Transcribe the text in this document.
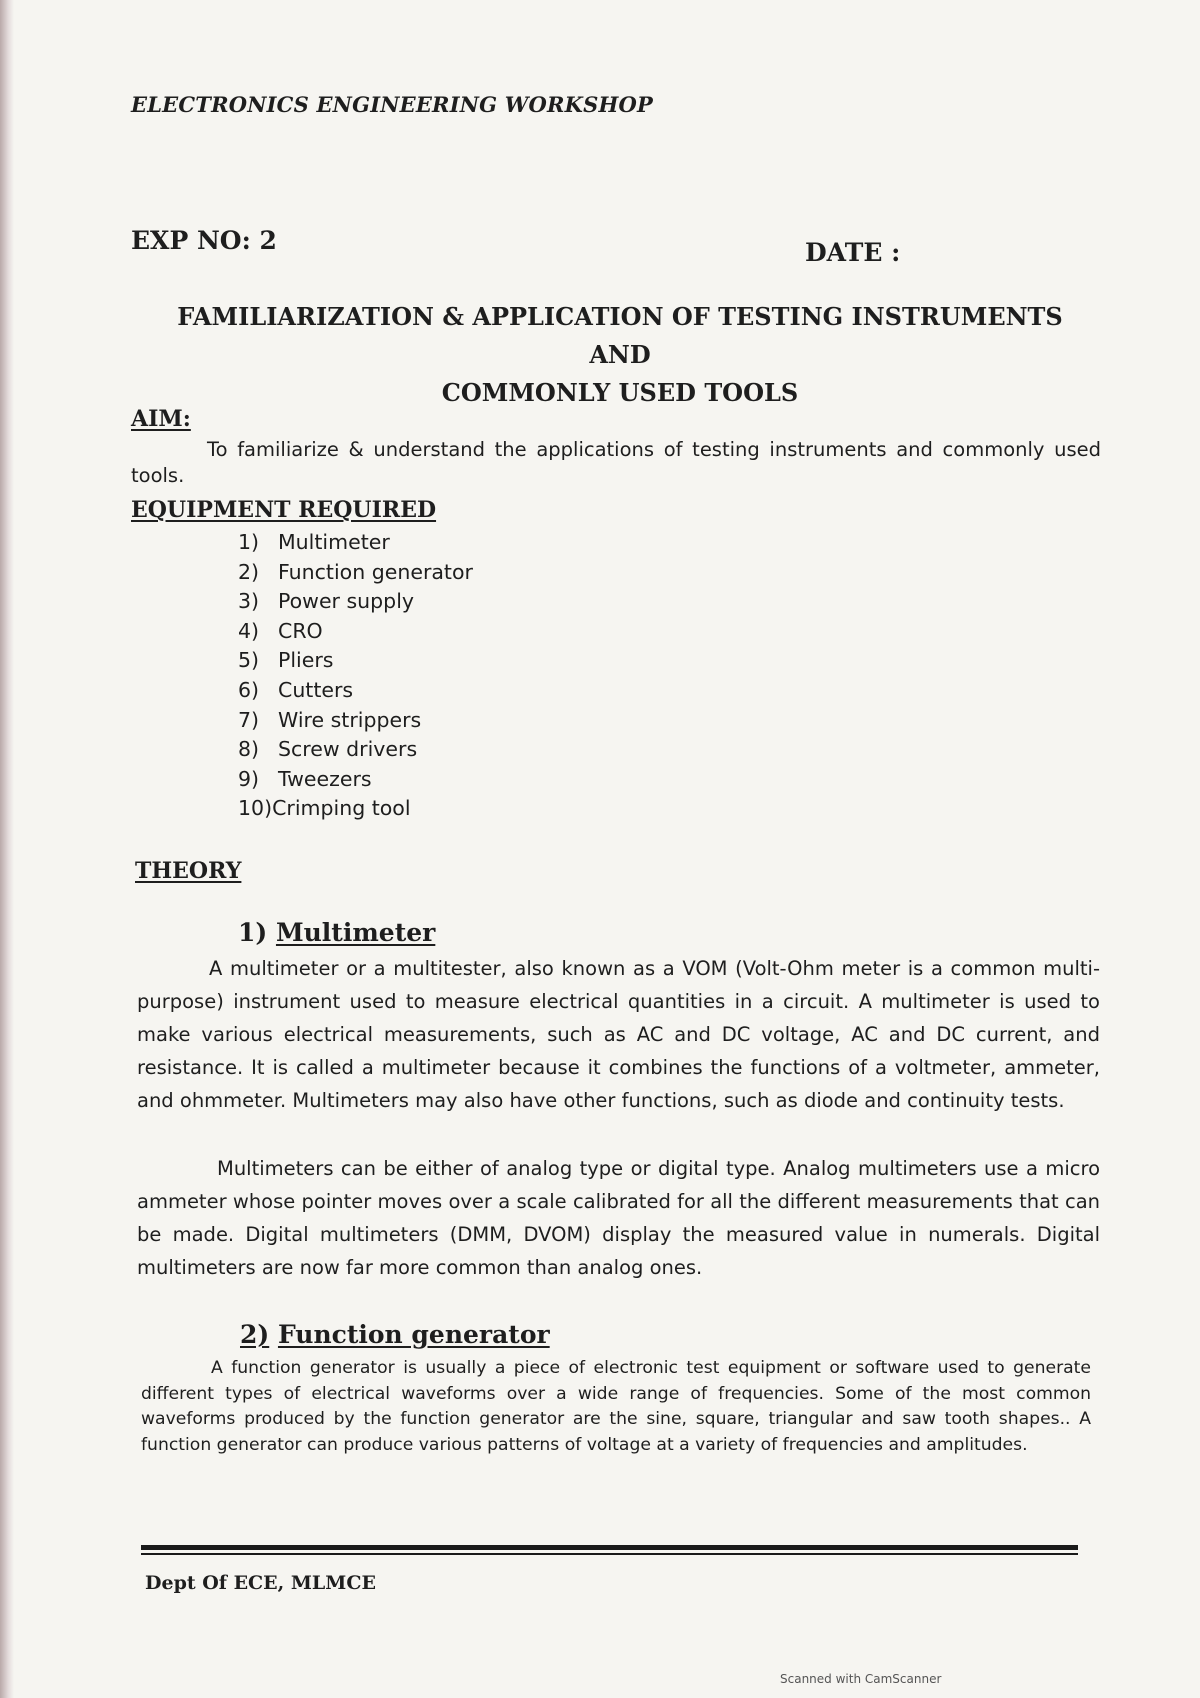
ELECTRONICS ENGINEERING WORKSHOP
EXP NO: 2	DATE :
FAMILIARIZATION & APPLICATION OF TESTING INSTRUMENTS AND
COMMONLY USED TOOLS
AIM:
To familiarize & understand the applications of testing instruments and commonly used tools.
EQUIPMENT REQUIRED
1) Multimeter
2) Function generator
3) Power supply
4) CRO
5) Pliers
6) Cutters
7) Wire strippers
8) Screw drivers
9) Tweezers
10)Crimping tool
THEORY
1) Multimeter
A multimeter or a multitester, also known as a VOM (Volt-Ohm meter is a common multi-purpose) instrument used to measure electrical quantities in a circuit. A multimeter is used to make various electrical measurements, such as AC and DC voltage, AC and DC current, and resistance. It is called a multimeter because it combines the functions of a voltmeter, ammeter, and ohmmeter. Multimeters may also have other functions, such as diode and continuity tests.
Multimeters can be either of analog type or digital type. Analog multimeters use a micro ammeter whose pointer moves over a scale calibrated for all the different measurements that can be made. Digital multimeters (DMM, DVOM) display the measured value in numerals. Digital multimeters are now far more common than analog ones.
2) Function generator
A function generator is usually a piece of electronic test equipment or software used to generate different types of electrical waveforms over a wide range of frequencies. Some of the most common waveforms produced by the function generator are the sine, square, triangular and saw tooth shapes.. A function generator can produce various patterns of voltage at a variety of frequencies and amplitudes.
Dept Of ECE, MLMCE
Scanned with CamScanner
